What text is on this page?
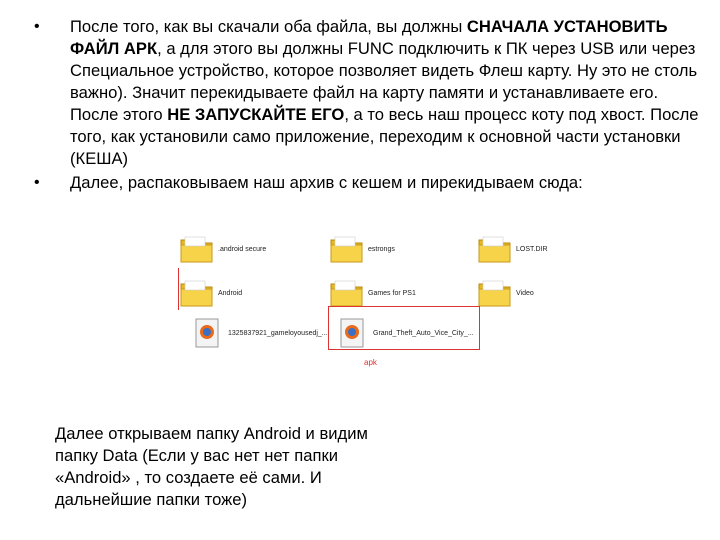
• После того, как вы скачали оба файла, вы должны СНАЧАЛА УСТАНОВИТЬ ФАЙЛ АРК, а для этого вы должны FUNC подключить к ПК через USB или через Специальное устройство, которое позволяет видеть Флеш карту. Ну это не столь важно). Значит перекидываете файл на карту памяти и устанавливаете его. После этого НЕ ЗАПУСКАЙТЕ ЕГО, а то весь наш процесс коту под хвост. После того, как установили само приложение, переходим к основной части установки (КЕША)
• Далее, распаковываем наш архив с кешем и пирекидываем сюда:
.android secure	estrongs	LOST.DIR
Android	Games for PS1	Video
1325837921_gameloyousedj_...	Grand_Theft_Auto_Vice_City_...
apk
Далее открываем папку Android и видим папку Data (Если у вас нет нет папки «Android» , то создаете её сами. И дальнейшие папки тоже)
